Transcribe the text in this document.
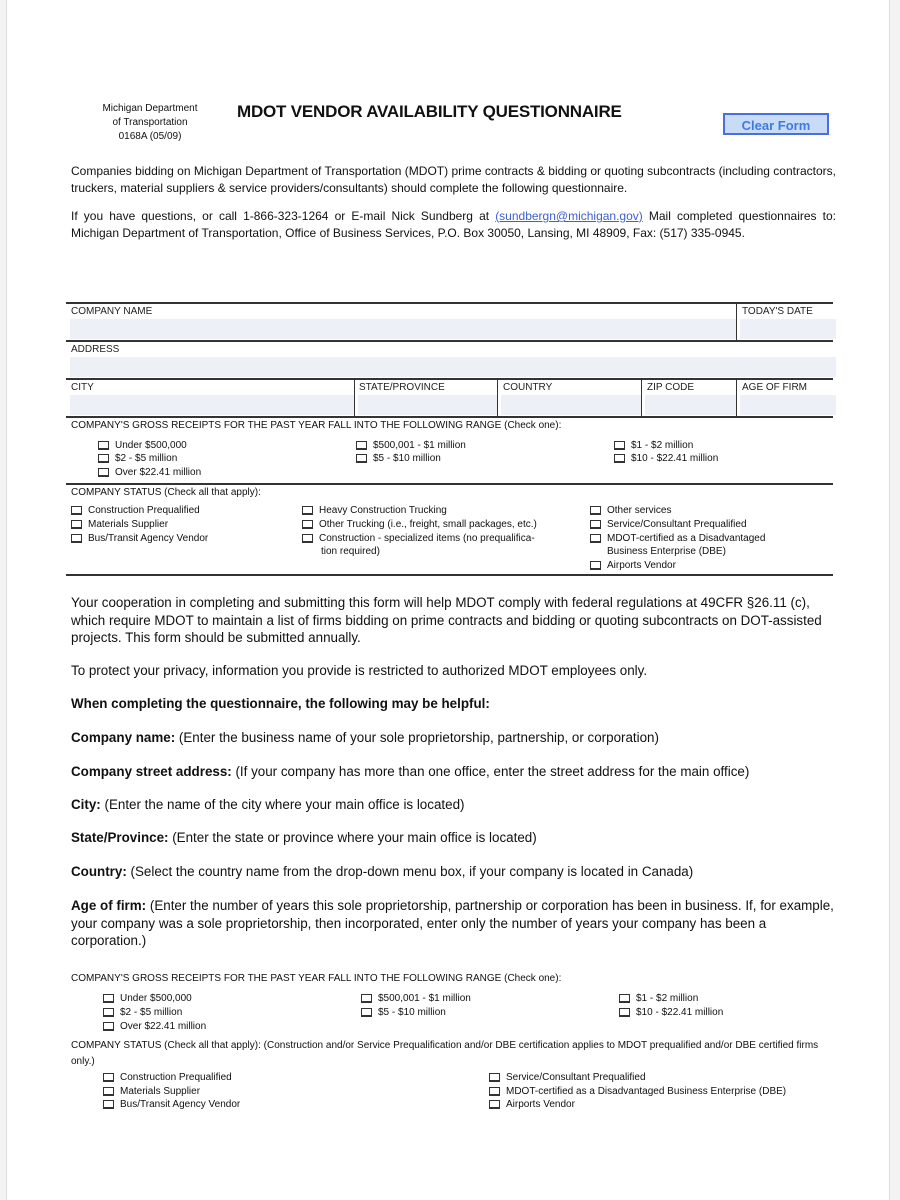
Michigan Department
of Transportation
0168A (05/09)
MDOT VENDOR AVAILABILITY QUESTIONNAIRE
Clear Form
Companies bidding on Michigan Department of Transportation (MDOT) prime contracts & bidding or quoting subcontracts (including contractors, truckers, material suppliers & service providers/consultants) should complete the following questionnaire.
If you have questions, or call 1-866-323-1264 or E-mail Nick Sundberg at (sundbergn@michigan.gov) Mail completed questionnaires to: Michigan Department of Transportation, Office of Business Services, P.O. Box 30050, Lansing, MI 48909, Fax: (517) 335-0945.
COMPANY NAME	TODAY'S DATE
ADDRESS
CITY	STATE/PROVINCE	COUNTRY	ZIP CODE	AGE OF FIRM
COMPANY'S GROSS RECEIPTS FOR THE PAST YEAR FALL INTO THE FOLLOWING RANGE (Check one):
Under $500,000
$2 - $5 million
Over $22.41 million
$500,001 - $1 million
$5 - $10 million
$1 - $2 million
$10 - $22.41 million
COMPANY STATUS (Check all that apply):
Construction Prequalified
Materials Supplier
Bus/Transit Agency Vendor
Heavy Construction Trucking
Other Trucking (i.e., freight, small packages, etc.)
Construction - specialized items (no prequalifica-
tion required)
Other services
Service/Consultant Prequalified
MDOT-certified as a Disadvantaged
Business Enterprise (DBE)
Airports Vendor
Your cooperation in completing and submitting this form will help MDOT comply with federal regulations at 49CFR §26.11 (c), which require MDOT to maintain a list of firms bidding on prime contracts and bidding or quoting subcontracts on DOT-assisted projects. This form should be submitted annually.
To protect your privacy, information you provide is restricted to authorized MDOT employees only.
When completing the questionnaire, the following may be helpful:
Company name: (Enter the business name of your sole proprietorship, partnership, or corporation)
Company street address: (If your company has more than one office, enter the street address for the main office)
City: (Enter the name of the city where your main office is located)
State/Province: (Enter the state or province where your main office is located)
Country: (Select the country name from the drop-down menu box, if your company is located in Canada)
Age of firm: (Enter the number of years this sole proprietorship, partnership or corporation has been in business. If, for example, your company was a sole proprietorship, then incorporated, enter only the number of years your company has been a corporation.)
COMPANY'S GROSS RECEIPTS FOR THE PAST YEAR FALL INTO THE FOLLOWING RANGE (Check one):
Under $500,000
$2 - $5 million
Over $22.41 million
$500,001 - $1 million
$5 - $10 million
$1 - $2 million
$10 - $22.41 million
COMPANY STATUS (Check all that apply): (Construction and/or Service Prequalification and/or DBE certification applies to MDOT prequalified and/or DBE certified firms only.)
Construction Prequalified
Materials Supplier
Bus/Transit Agency Vendor
Service/Consultant Prequalified
MDOT-certified as a Disadvantaged Business Enterprise (DBE)
Airports Vendor
